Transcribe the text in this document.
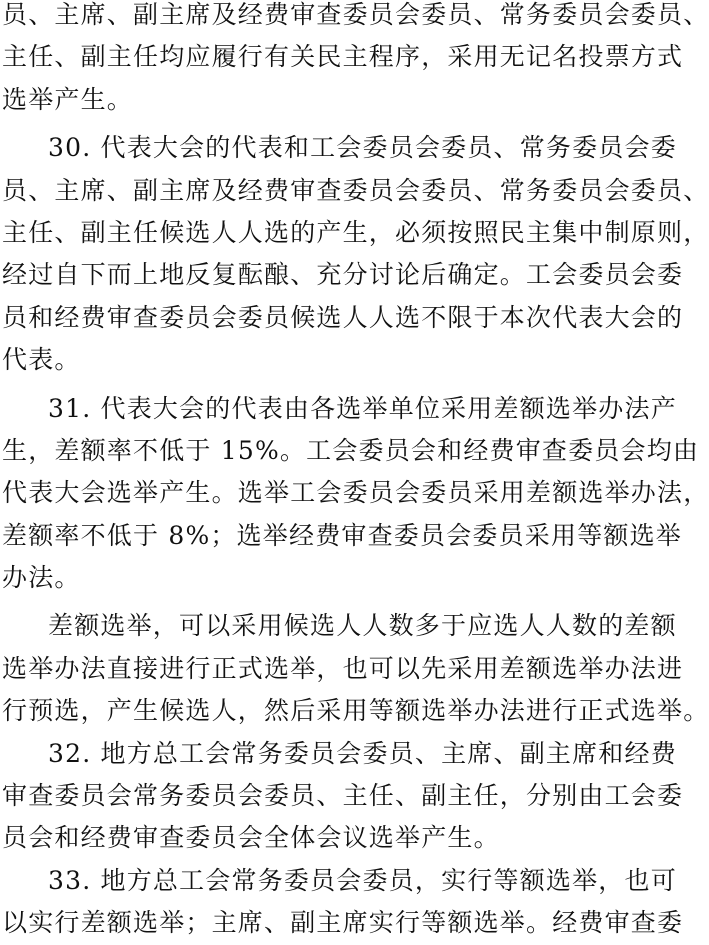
员、主席、副主席及经费审查委员会委员、常务委员会委员、
主任、副主任均应履行有关民主程序，采用无记名投票方式
选举产生。
30. 代表大会的代表和工会委员会委员、常务委员会委
员、主席、副主席及经费审查委员会委员、常务委员会委员、
主任、副主任候选人人选的产生，必须按照民主集中制原则，
经过自下而上地反复酝酿、充分讨论后确定。工会委员会委
员和经费审查委员会委员候选人人选不限于本次代表大会的
代表。
31. 代表大会的代表由各选举单位采用差额选举办法产
生，差额率不低于 15%。工会委员会和经费审查委员会均由
代表大会选举产生。选举工会委员会委员采用差额选举办法，
差额率不低于 8%；选举经费审查委员会委员采用等额选举
办法。
差额选举，可以采用候选人人数多于应选人人数的差额
选举办法直接进行正式选举，也可以先采用差额选举办法进
行预选，产生候选人，然后采用等额选举办法进行正式选举。
32. 地方总工会常务委员会委员、主席、副主席和经费
审查委员会常务委员会委员、主任、副主任，分别由工会委
员会和经费审查委员会全体会议选举产生。
33. 地方总工会常务委员会委员，实行等额选举，也可
以实行差额选举；主席、副主席实行等额选举。经费审查委
